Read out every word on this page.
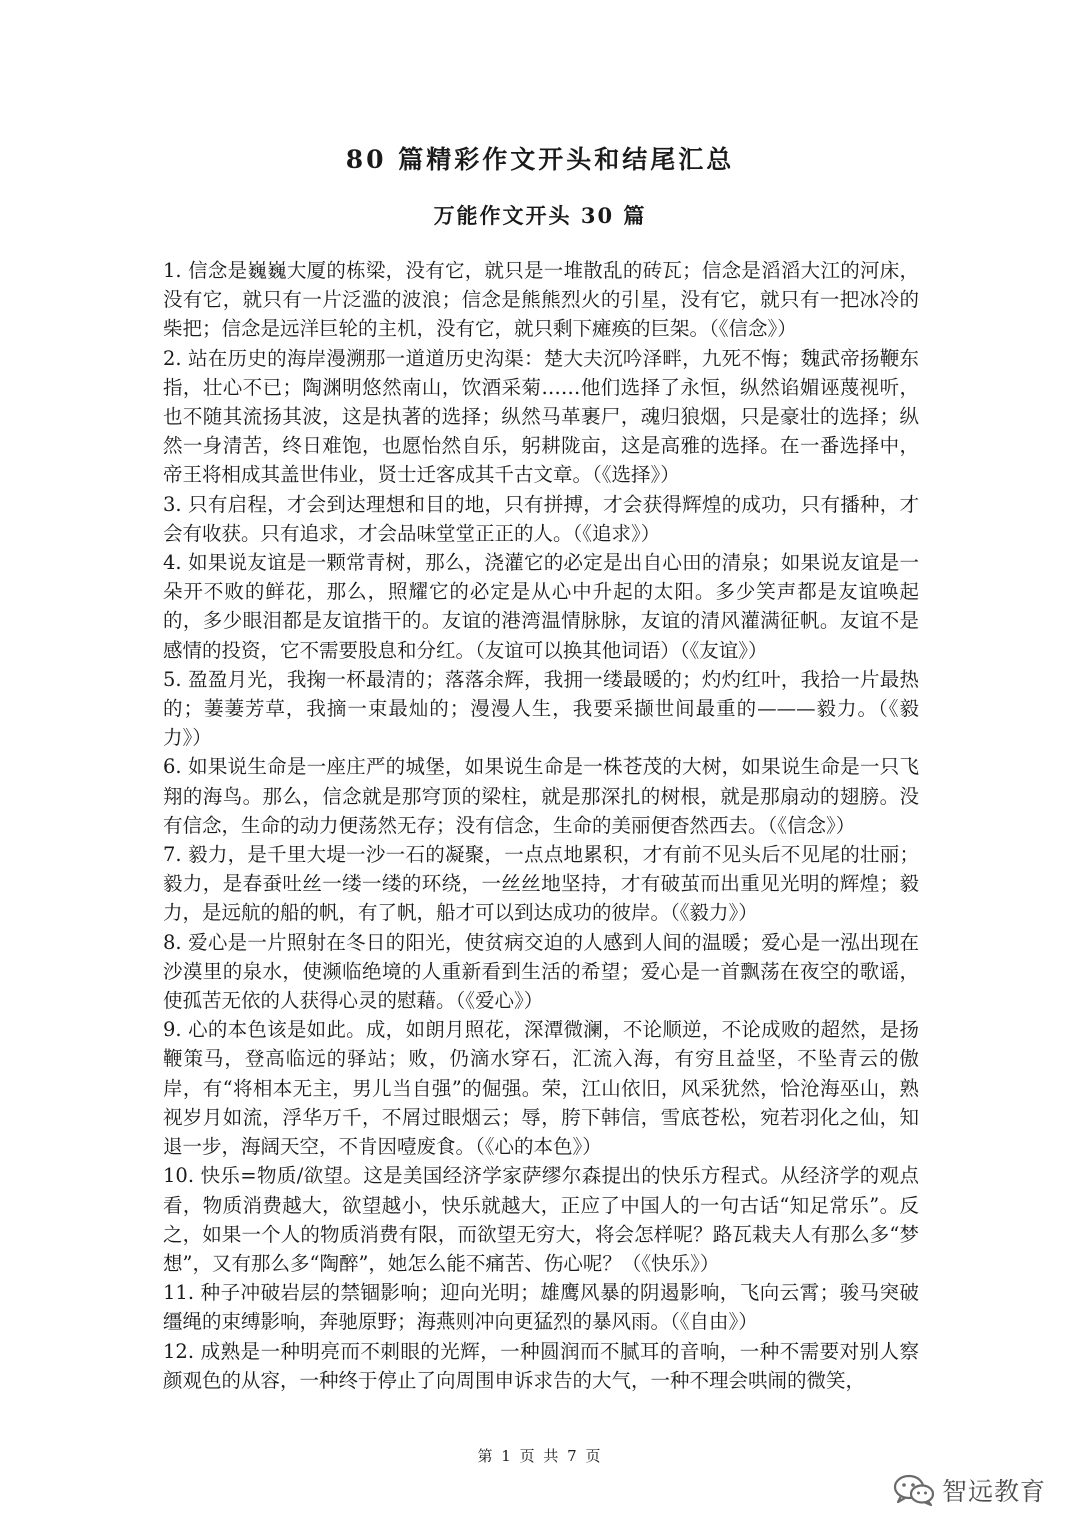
80 篇精彩作文开头和结尾汇总
万能作文开头 30 篇

1. 信念是巍巍大厦的栋梁，没有它，就只是一堆散乱的砖瓦；信念是滔滔大江的河床，没有它，就只有一片泛滥的波浪；信念是熊熊烈火的引星，没有它，就只有一把冰冷的柴把；信念是远洋巨轮的主机，没有它，就只剩下瘫痪的巨架。（《信念》）

2. 站在历史的海岸漫溯那一道道历史沟渠：楚大夫沉吟泽畔，九死不悔；魏武帝扬鞭东指，壮心不已；陶渊明悠然南山，饮酒采菊……他们选择了永恒，纵然谄媚诬蔑视听，也不随其流扬其波，这是执著的选择；纵然马革裹尸，魂归狼烟，只是豪壮的选择；纵然一身清苦，终日难饱，也愿怡然自乐，躬耕陇亩，这是高雅的选择。在一番选择中，帝王将相成其盖世伟业，贤士迁客成其千古文章。（《选择》）

3. 只有启程，才会到达理想和目的地，只有拼搏，才会获得辉煌的成功，只有播种，才会有收获。只有追求，才会品味堂堂正正的人。（《追求》）

4. 如果说友谊是一颗常青树，那么，浇灌它的必定是出自心田的清泉；如果说友谊是一朵开不败的鲜花，那么，照耀它的必定是从心中升起的太阳。多少笑声都是友谊唤起的，多少眼泪都是友谊揩干的。友谊的港湾温情脉脉，友谊的清风灌满征帆。友谊不是感情的投资，它不需要股息和分红。（友谊可以换其他词语）（《友谊》）

5. 盈盈月光，我掬一杯最清的；落落余辉，我拥一缕最暖的；灼灼红叶，我拾一片最热的；萋萋芳草，我摘一束最灿的；漫漫人生，我要采撷世间最重的———毅力。（《毅力》）

6. 如果说生命是一座庄严的城堡，如果说生命是一株苍茂的大树，如果说生命是一只飞翔的海鸟。那么，信念就是那穹顶的梁柱，就是那深扎的树根，就是那扇动的翅膀。没有信念，生命的动力便荡然无存；没有信念，生命的美丽便杳然西去。（《信念》）

7. 毅力，是千里大堤一沙一石的凝聚，一点点地累积，才有前不见头后不见尾的壮丽；毅力，是春蚕吐丝一缕一缕的环绕，一丝丝地坚持，才有破茧而出重见光明的辉煌；毅力，是远航的船的帆，有了帆，船才可以到达成功的彼岸。（《毅力》）

8. 爱心是一片照射在冬日的阳光，使贫病交迫的人感到人间的温暖；爱心是一泓出现在沙漠里的泉水，使濒临绝境的人重新看到生活的希望；爱心是一首飘荡在夜空的歌谣，使孤苦无依的人获得心灵的慰藉。（《爱心》）

9. 心的本色该是如此。成，如朗月照花，深潭微澜，不论顺逆，不论成败的超然，是扬鞭策马，登高临远的驿站；败，仍滴水穿石，汇流入海，有穷且益坚，不坠青云的傲岸，有“将相本无主，男儿当自强”的倔强。荣，江山依旧，风采犹然，恰沧海巫山，熟视岁月如流，浮华万千，不屑过眼烟云；辱，胯下韩信，雪底苍松，宛若羽化之仙，知退一步，海阔天空，不肯因噎废食。（《心的本色》）

10. 快乐=物质/欲望。这是美国经济学家萨缪尔森提出的快乐方程式。从经济学的观点看，物质消费越大，欲望越小，快乐就越大，正应了中国人的一句古话“知足常乐”。反之，如果一个人的物质消费有限，而欲望无穷大，将会怎样呢？路瓦栽夫人有那么多“梦想”，又有那么多“陶醉”，她怎么能不痛苦、伤心呢？（《快乐》）

11. 种子冲破岩层的禁锢影响；迎向光明；雄鹰风暴的阴遏影响，飞向云霄；骏马突破缰绳的束缚影响，奔驰原野；海燕则冲向更猛烈的暴风雨。（《自由》）

12. 成熟是一种明亮而不刺眼的光辉，一种圆润而不腻耳的音响，一种不需要对别人察颜观色的从容，一种终于停止了向周围申诉求告的大气，一种不理会哄闹的微笑，

第 1 页 共 7 页
智远教育
